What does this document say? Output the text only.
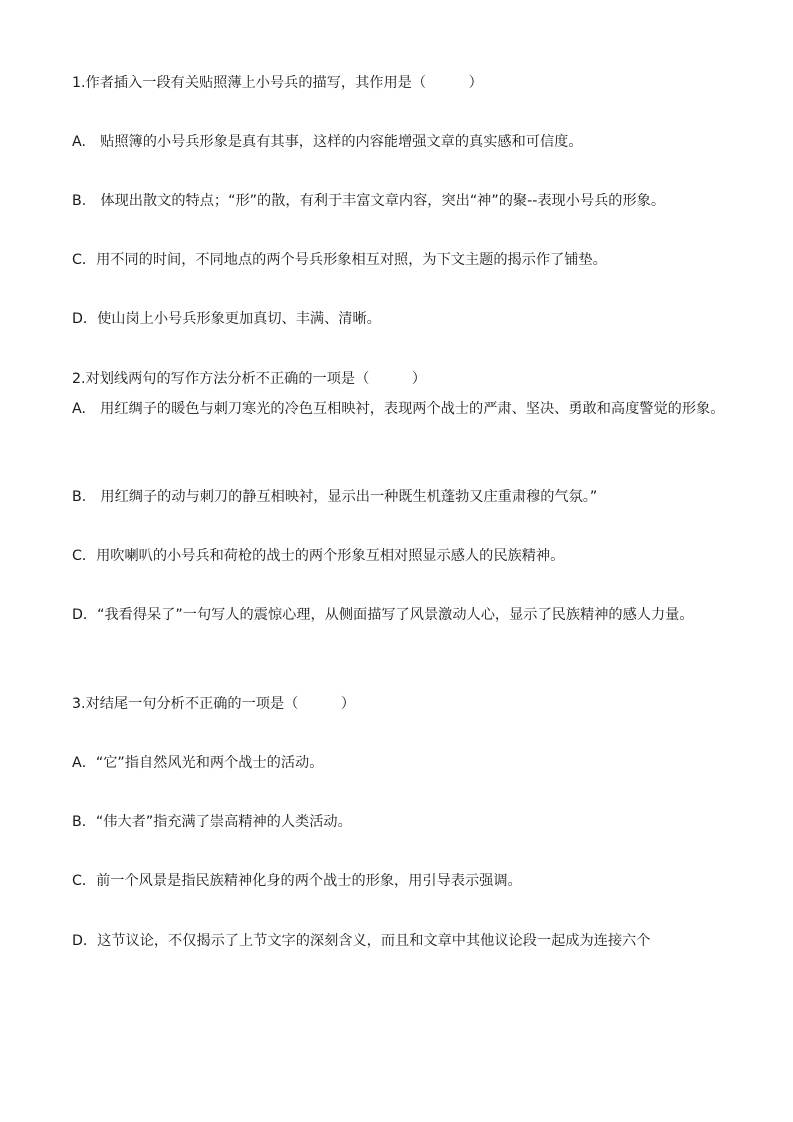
1.作者插入一段有关贴照薄上小号兵的描写，其作用是（　　　）
A.　贴照簿的小号兵形象是真有其事，这样的内容能增强文章的真实感和可信度。
B.　体现出散文的特点；“形”的散，有利于丰富文章内容，突出“神”的聚--表现小号兵的形象。
C．用不同的时间，不同地点的两个号兵形象相互对照，为下文主题的揭示作了铺垫。
D．使山岗上小号兵形象更加真切、丰满、清晰。
2.对划线两句的写作方法分析不正确的一项是（　　　）
A.　用红绸子的暖色与刺刀寒光的冷色互相映衬，表现两个战士的严肃、坚决、勇敢和高度警觉的形象。
B.　用红绸子的动与刺刀的静互相映衬，显示出一种既生机蓬勃又庄重肃穆的气氛。”
C．用吹喇叭的小号兵和荷枪的战士的两个形象互相对照显示感人的民族精神。
D．“我看得呆了”一句写人的震惊心理，从侧面描写了风景激动人心，显示了民族精神的感人力量。
3.对结尾一句分析不正确的一项是（　　　）
A．“它”指自然风光和两个战士的活动。
B．“伟大者”指充满了崇高精神的人类活动。
C．前一个风景是指民族精神化身的两个战士的形象，用引导表示强调。
D．这节议论，不仅揭示了上节文字的深刻含义，而且和文章中其他议论段一起成为连接六个
